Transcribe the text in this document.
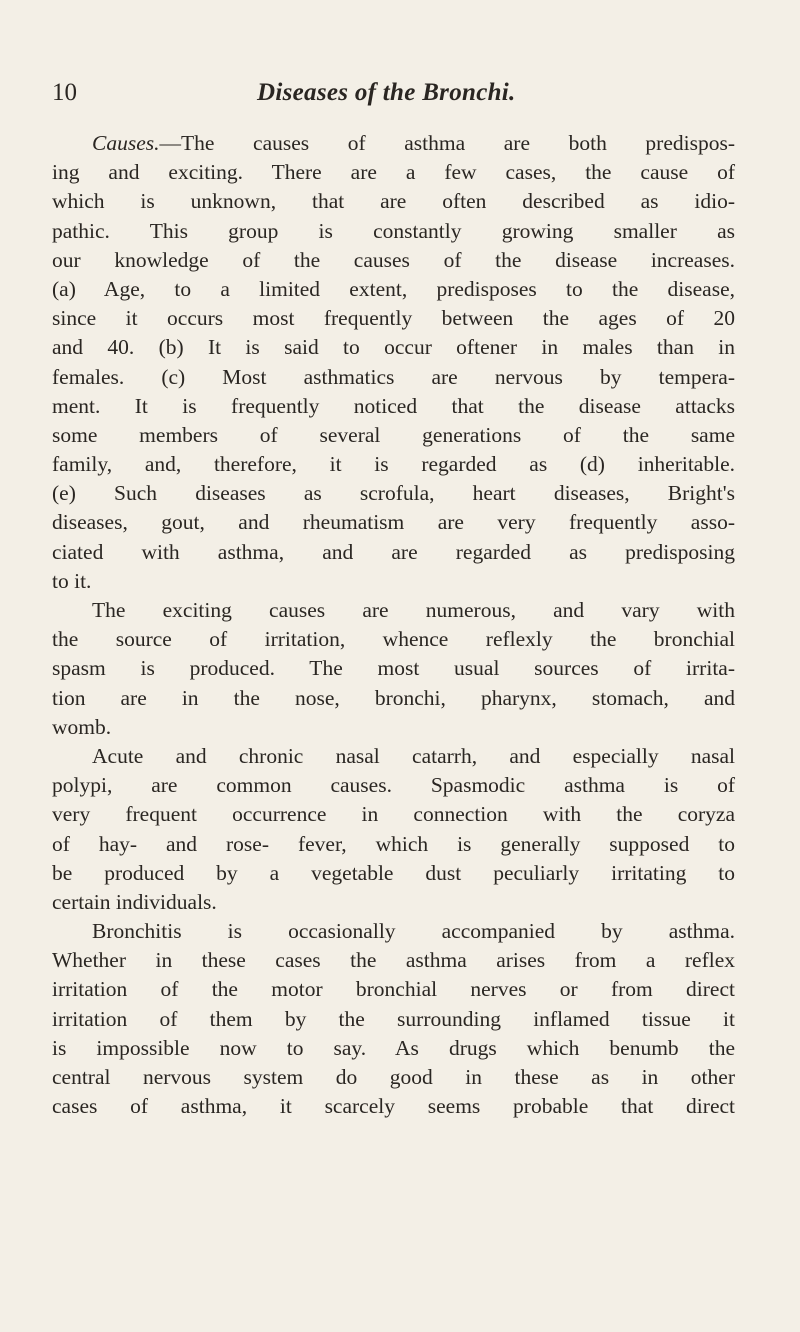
10	Diseases of the Bronchi.
Causes.—The causes of asthma are both predispos-
ing and exciting. There are a few cases, the cause of
which is unknown, that are often described as idio-
pathic. This group is constantly growing smaller as
our knowledge of the causes of the disease increases.
(a) Age, to a limited extent, predisposes to the disease,
since it occurs most frequently between the ages of 20
and 40. (b) It is said to occur oftener in males than in
females. (c) Most asthmatics are nervous by tempera-
ment. It is frequently noticed that the disease attacks
some members of several generations of the same
family, and, therefore, it is regarded as (d) inheritable.
(e) Such diseases as scrofula, heart diseases, Bright's
diseases, gout, and rheumatism are very frequently asso-
ciated with asthma, and are regarded as predisposing
to it.
The exciting causes are numerous, and vary with
the source of irritation, whence reflexly the bronchial
spasm is produced. The most usual sources of irrita-
tion are in the nose, bronchi, pharynx, stomach, and
womb.
Acute and chronic nasal catarrh, and especially nasal
polypi, are common causes. Spasmodic asthma is of
very frequent occurrence in connection with the coryza
of hay- and rose- fever, which is generally supposed to
be produced by a vegetable dust peculiarly irritating to
certain individuals.
Bronchitis is occasionally accompanied by asthma.
Whether in these cases the asthma arises from a reflex
irritation of the motor bronchial nerves or from direct
irritation of them by the surrounding inflamed tissue it
is impossible now to say. As drugs which benumb the
central nervous system do good in these as in other
cases of asthma, it scarcely seems probable that direct
